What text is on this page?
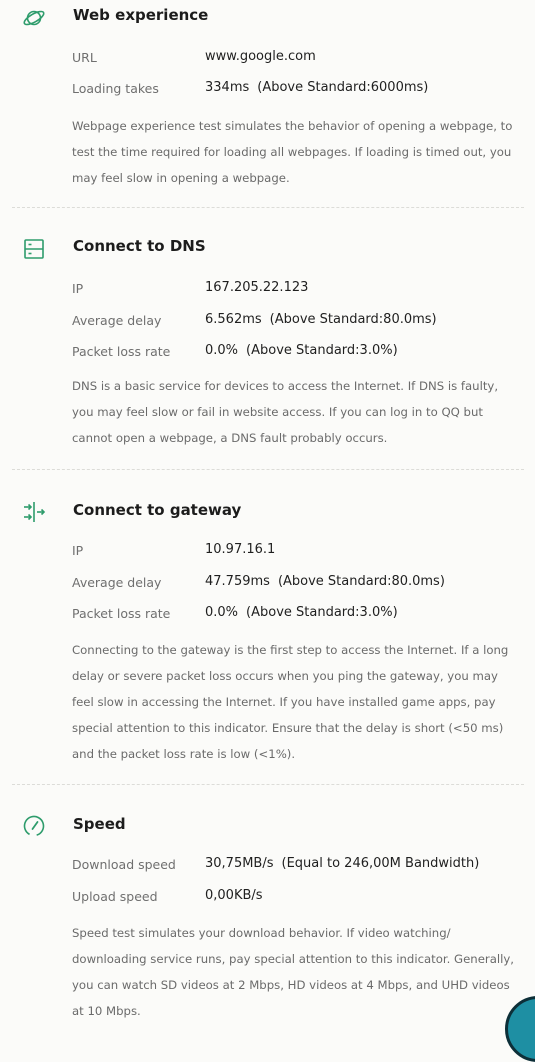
Web experience
URL	www.google.com
Loading takes	334ms (Above Standard:6000ms)
Webpage experience test simulates the behavior of opening a webpage, to test the time required for loading all webpages. If loading is timed out, you may feel slow in opening a webpage.
Connect to DNS
IP	167.205.22.123
Average delay	6.562ms (Above Standard:80.0ms)
Packet loss rate	0.0% (Above Standard:3.0%)
DNS is a basic service for devices to access the Internet. If DNS is faulty, you may feel slow or fail in website access. If you can log in to QQ but cannot open a webpage, a DNS fault probably occurs.
Connect to gateway
IP	10.97.16.1
Average delay	47.759ms (Above Standard:80.0ms)
Packet loss rate	0.0% (Above Standard:3.0%)
Connecting to the gateway is the first step to access the Internet. If a long delay or severe packet loss occurs when you ping the gateway, you may feel slow in accessing the Internet. If you have installed game apps, pay special attention to this indicator. Ensure that the delay is short (<50 ms) and the packet loss rate is low (<1%).
Speed
Download speed 30,75MB/s (Equal to 246,00M Bandwidth)
Upload speed	0,00KB/s
Speed test simulates your download behavior. If video watching/ downloading service runs, pay special attention to this indicator. Generally, you can watch SD videos at 2 Mbps, HD videos at 4 Mbps, and UHD videos at 10 Mbps.
